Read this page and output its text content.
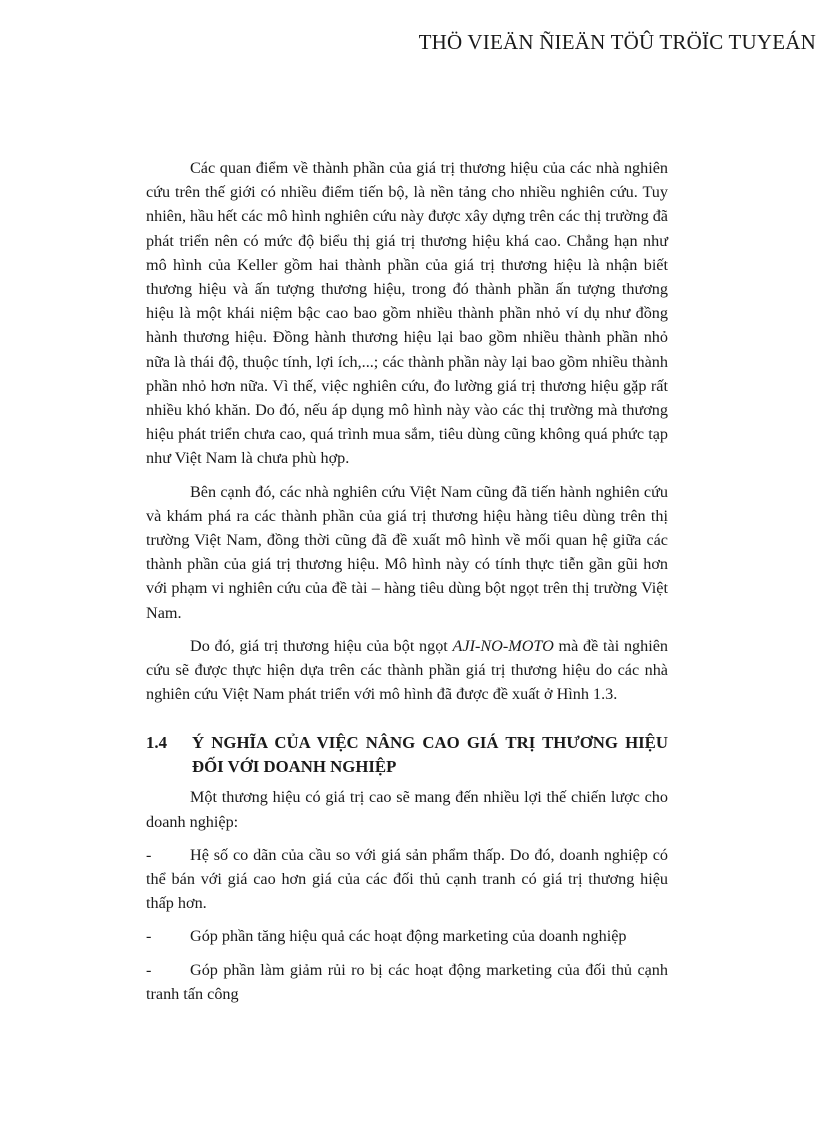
THÖ VIEÄN ÑIEÄN TÖÛ TRÖÏC TUYEÁN

Các quan điểm về thành phần của giá trị thương hiệu của các nhà nghiên cứu trên thế giới có nhiều điểm tiến bộ, là nền tảng cho nhiều nghiên cứu. Tuy nhiên, hầu hết các mô hình nghiên cứu này được xây dựng trên các thị trường đã phát triển nên có mức độ biểu thị giá trị thương hiệu khá cao. Chẳng hạn như mô hình của Keller gồm hai thành phần của giá trị thương hiệu là nhận biết thương hiệu và ấn tượng thương hiệu, trong đó thành phần ấn tượng thương hiệu là một khái niệm bậc cao bao gồm nhiều thành phần nhỏ ví dụ như đồng hành thương hiệu. Đồng hành thương hiệu lại bao gồm nhiều thành phần nhỏ nữa là thái độ, thuộc tính, lợi ích,...; các thành phần này lại bao gồm nhiều thành phần nhỏ hơn nữa. Vì thế, việc nghiên cứu, đo lường giá trị thương hiệu gặp rất nhiều khó khăn. Do đó, nếu áp dụng mô hình này vào các thị trường mà thương hiệu phát triển chưa cao, quá trình mua sắm, tiêu dùng cũng không quá phức tạp như Việt Nam là chưa phù hợp.

Bên cạnh đó, các nhà nghiên cứu Việt Nam cũng đã tiến hành nghiên cứu và khám phá ra các thành phần của giá trị thương hiệu hàng tiêu dùng trên thị trường Việt Nam, đồng thời cũng đã đề xuất mô hình về mối quan hệ giữa các thành phần của giá trị thương hiệu. Mô hình này có tính thực tiễn gần gũi hơn với phạm vi nghiên cứu của đề tài – hàng tiêu dùng bột ngọt trên thị trường Việt Nam.

Do đó, giá trị thương hiệu của bột ngọt AJI-NO-MOTO mà đề tài nghiên cứu sẽ được thực hiện dựa trên các thành phần giá trị thương hiệu do các nhà nghiên cứu Việt Nam phát triển với mô hình đã được đề xuất ở Hình 1.3.

1.4	Ý NGHĨA CỦA VIỆC NÂNG CAO GIÁ TRỊ THƯƠNG HIỆU ĐỐI VỚI DOANH NGHIỆP

Một thương hiệu có giá trị cao sẽ mang đến nhiều lợi thế chiến lược cho doanh nghiệp:

- Hệ số co dãn của cầu so với giá sản phẩm thấp. Do đó, doanh nghiệp có thể bán với giá cao hơn giá của các đối thủ cạnh tranh có giá trị thương hiệu thấp hơn.
- Góp phần tăng hiệu quả các hoạt động marketing của doanh nghiệp
- Góp phần làm giảm rủi ro bị các hoạt động marketing của đối thủ cạnh tranh tấn công
